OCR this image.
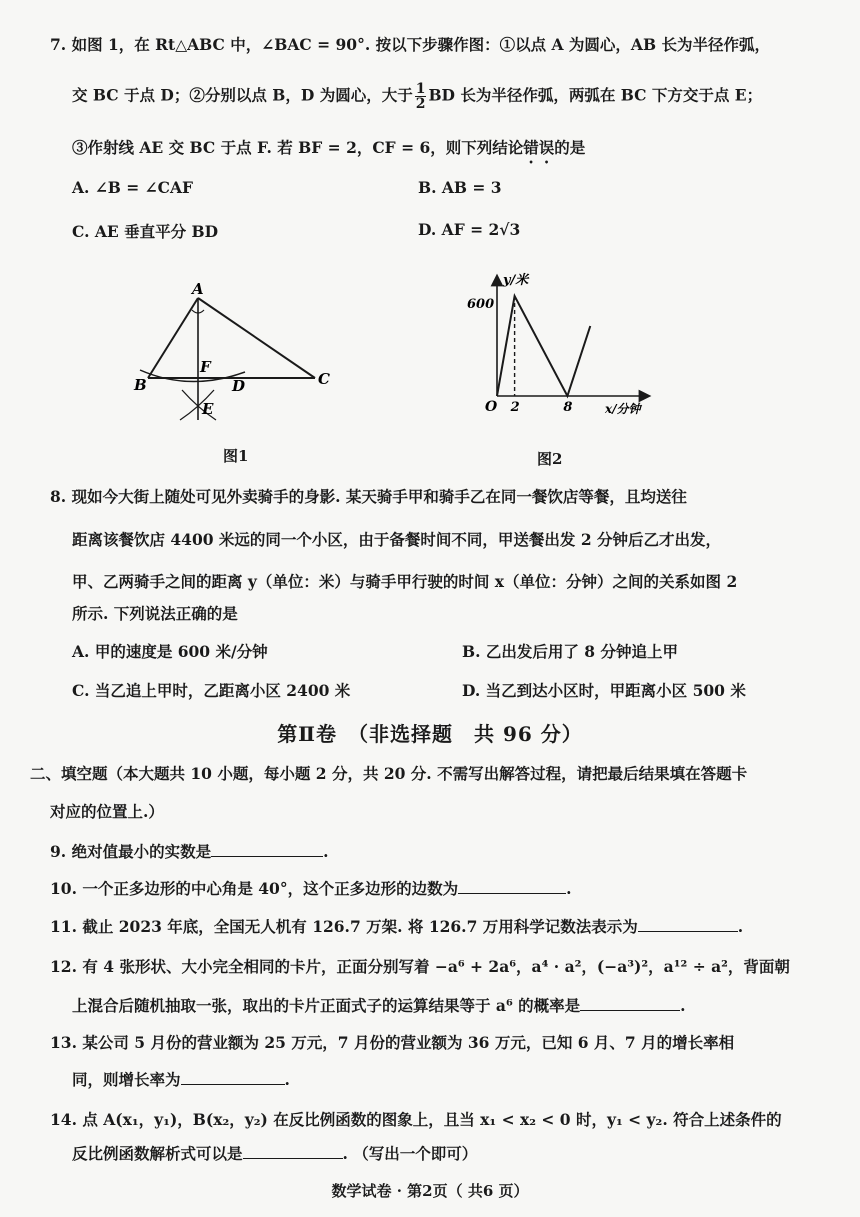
7. 如图 1，在 Rt△ABC 中，∠BAC = 90°. 按以下步骤作图：①以点 A 为圆心，AB 长为半径作弧，
交 BC 于点 D；②分别以点 B，D 为圆心，大于 $\frac{1}{2}$ BD 长为半径作弧，两弧在 BC 下方交于点 E；
③作射线 AE 交 BC 于点 F. 若 BF = 2，CF = 6，则下列结论错误的是
A. ∠B = ∠CAF	B. AB = 3
C. AE 垂直平分 BD	D. AF = 2√3
A
B	C
D
F
E
图1
y/米
x/分钟
O
600
2	8
图2
8. 现如今大街上随处可见外卖骑手的身影. 某天骑手甲和骑手乙在同一餐饮店等餐，且均送往
距离该餐饮店 4400 米远的同一个小区，由于备餐时间不同，甲送餐出发 2 分钟后乙才出发，
甲、乙两骑手之间的距离 y（单位：米）与骑手甲行驶的时间 x（单位：分钟）之间的关系如图 2
所示. 下列说法正确的是
A. 甲的速度是 600 米/分钟	B. 乙出发后用了 8 分钟追上甲
C. 当乙追上甲时，乙距离小区 2400 米	D. 当乙到达小区时，甲距离小区 500 米
第Ⅱ卷　（非选择题　共 96 分）
二、填空题（本大题共 10 小题，每小题 2 分，共 20 分. 不需写出解答过程，请把最后结果填在答题卡
对应的位置上.）
9. 绝对值最小的实数是	.
10. 一个正多边形的中心角是 40°，这个正多边形的边数为	.
11. 截止 2023 年底，全国无人机有 126.7 万架. 将 126.7 万用科学记数法表示为	.
12. 有 4 张形状、大小完全相同的卡片，正面分别写着 −a⁶ + 2a⁶，a⁴ · a²，(−a³)²，a¹² ÷ a²，背面朝
上混合后随机抽取一张，取出的卡片正面式子的运算结果等于 a⁶ 的概率是	.
13. 某公司 5 月份的营业额为 25 万元，7 月份的营业额为 36 万元，已知 6 月、7 月的增长率相
同，则增长率为	.
14. 点 A(x₁，y₁)，B(x₂，y₂) 在反比例函数的图象上，且当 x₁ < x₂ < 0 时，y₁ < y₂. 符合上述条件的
反比例函数解析式可以是	. （写出一个即可）
数学试卷 · 第2页（ 共6 页）
